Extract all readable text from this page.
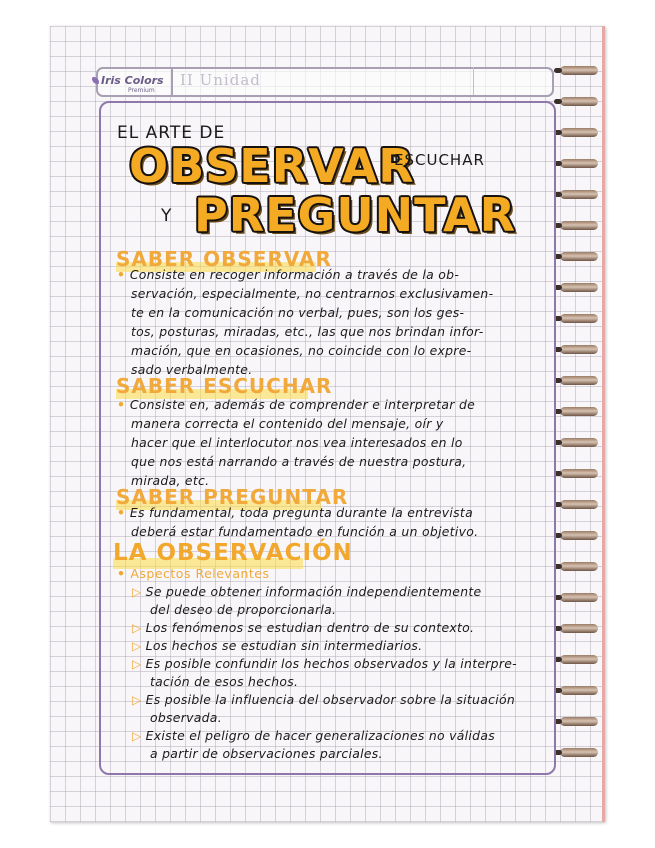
Iris Colors
Premium
II Unidad
EL ARTE DE
OBSERVAR
ESCUCHAR
Y PREGUNTAR
SABER OBSERVAR
• Consiste en recoger información a través de la ob-
servación, especialmente, no centrarnos exclusivamen-
te en la comunicación no verbal, pues, son los ges-
tos, posturas, miradas, etc., las que nos brindan infor-
mación, que en ocasiones, no coincide con lo expre-
sado verbalmente.
SABER ESCUCHAR
• Consiste en, además de comprender e interpretar de
manera correcta el contenido del mensaje, oír y
hacer que el interlocutor nos vea interesados en lo
que nos está narrando a través de nuestra postura,
mirada, etc.
SABER PREGUNTAR
• Es fundamental, toda pregunta durante la entrevista
deberá estar fundamentado en función a un objetivo.
LA OBSERVACIÓN
• Aspectos Relevantes
▷ Se puede obtener información independientemente
del deseo de proporcionarla.
▷ Los fenómenos se estudian dentro de su contexto.
▷ Los hechos se estudian sin intermediarios.
▷ Es posible confundir los hechos observados y la interpre-
tación de esos hechos.
▷ Es posible la influencia del observador sobre la situación
observada.
▷ Existe el peligro de hacer generalizaciones no válidas
a partir de observaciones parciales.
